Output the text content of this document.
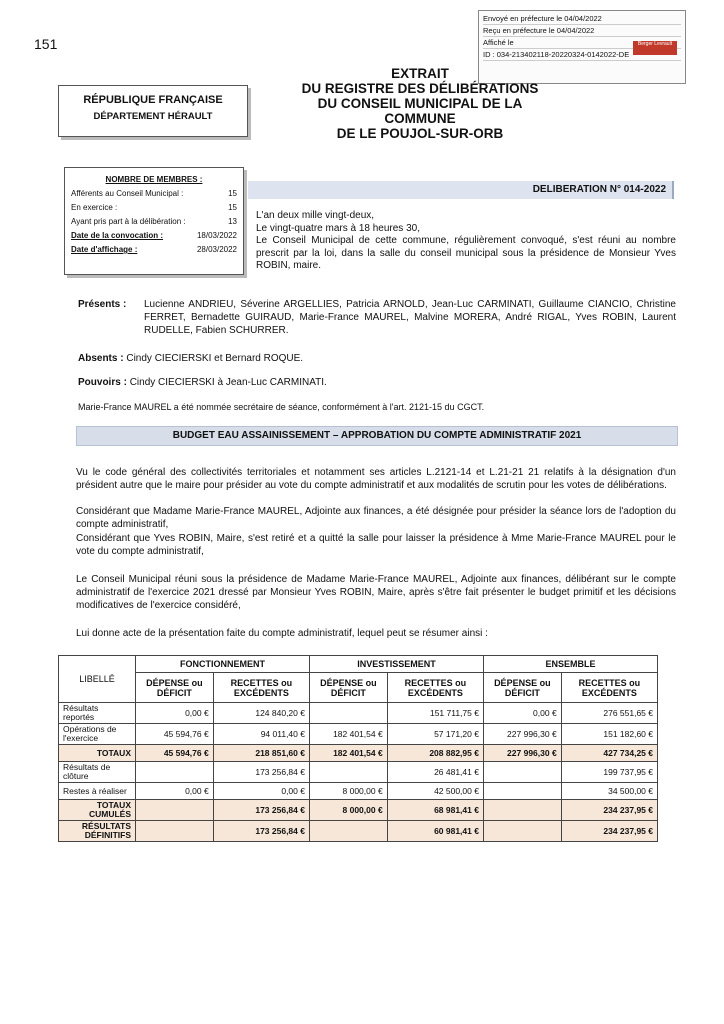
151
Envoyé en préfecture le 04/04/2022
Reçu en préfecture le 04/04/2022
Affiché le
ID : 034-213402118-20220324-0142022-DE
Berger Levrault
RÉPUBLIQUE FRANÇAISE
DÉPARTEMENT HÉRAULT
EXTRAIT
DU REGISTRE DES DÉLIBÉRATIONS
DU CONSEIL MUNICIPAL DE LA
COMMUNE
DE LE POUJOL-SUR-ORB
NOMBRE DE MEMBRES :
Afférents au Conseil Municipal :	15
En exercice :	15
Ayant pris part à la délibération :	13
Date de la convocation :	18/03/2022
Date d'affichage :	28/03/2022
DELIBERATION N° 014-2022
L'an deux mille vingt-deux,
Le vingt-quatre mars à 18 heures 30,
Le Conseil Municipal de cette commune, régulièrement convoqué, s'est réuni au nombre prescrit par la loi, dans la salle du conseil municipal sous la présidence de Monsieur Yves ROBIN, maire.
Présents :	Lucienne ANDRIEU, Séverine ARGELLIES, Patricia ARNOLD, Jean-Luc CARMINATI, Guillaume CIANCIO, Christine FERRET, Bernadette GUIRAUD, Marie-France MAUREL, Malvine MORERA, André RIGAL, Yves ROBIN, Laurent RUDELLE, Fabien SCHURRER.
Absents : Cindy CIECIERSKI et Bernard ROQUE.
Pouvoirs : Cindy CIECIERSKI à Jean-Luc CARMINATI.
Marie-France MAUREL a été nommée secrétaire de séance, conformément à l'art. 2121-15 du CGCT.
BUDGET EAU ASSAINISSEMENT – APPROBATION DU COMPTE ADMINISTRATIF 2021
Vu le code général des collectivités territoriales et notamment ses articles L.2121-14 et L.21-21 21 relatifs à la désignation d'un président autre que le maire pour présider au vote du compte administratif et aux modalités de scrutin pour les votes de délibérations.
Considérant que Madame Marie-France MAUREL, Adjointe aux finances, a été désignée pour présider la séance lors de l'adoption du compte administratif,
Considérant que Yves ROBIN, Maire, s'est retiré et a quitté la salle pour laisser la présidence à Mme Marie-France MAUREL pour le vote du compte administratif,
Le Conseil Municipal réuni sous la présidence de Madame Marie-France MAUREL, Adjointe aux finances, délibérant sur le compte administratif de l'exercice 2021 dressé par Monsieur Yves ROBIN, Maire, après s'être fait présenter le budget primitif et les décisions modificatives de l'exercice considéré,
Lui donne acte de la présentation faite du compte administratif, lequel peut se résumer ainsi :
LIBELLÉ	FONCTIONNEMENT		INVESTISSEMENT		ENSEMBLE	
	DÉPENSE ou DÉFICIT	RECETTES ou EXCÉDENTS	DÉPENSE ou DÉFICIT	RECETTES ou EXCÉDENTS	DÉPENSE ou DÉFICIT	RECETTES ou EXCÉDENTS
Résultats reportés	0,00 €	124 840,20 €		151 711,75 €	0,00 €	276 551,65 €
Opérations de l'exercice	45 594,76 €	94 011,40 €	182 401,54 €	57 171,20 €	227 996,30 €	151 182,60 €
TOTAUX	45 594,76 €	218 851,60 €	182 401,54 €	208 882,95 €	227 996,30 €	427 734,25 €
Résultats de clôture		173 256,84 €		26 481,41 €		199 737,95 €
Restes à réaliser	0,00 €	0,00 €	8 000,00 €	42 500,00 €		34 500,00 €
TOTAUX CUMULÉS		173 256,84 €	8 000,00 €	68 981,41 €		234 237,95 €
RÉSULTATS DÉFINITIFS		173 256,84 €		60 981,41 €		234 237,95 €
